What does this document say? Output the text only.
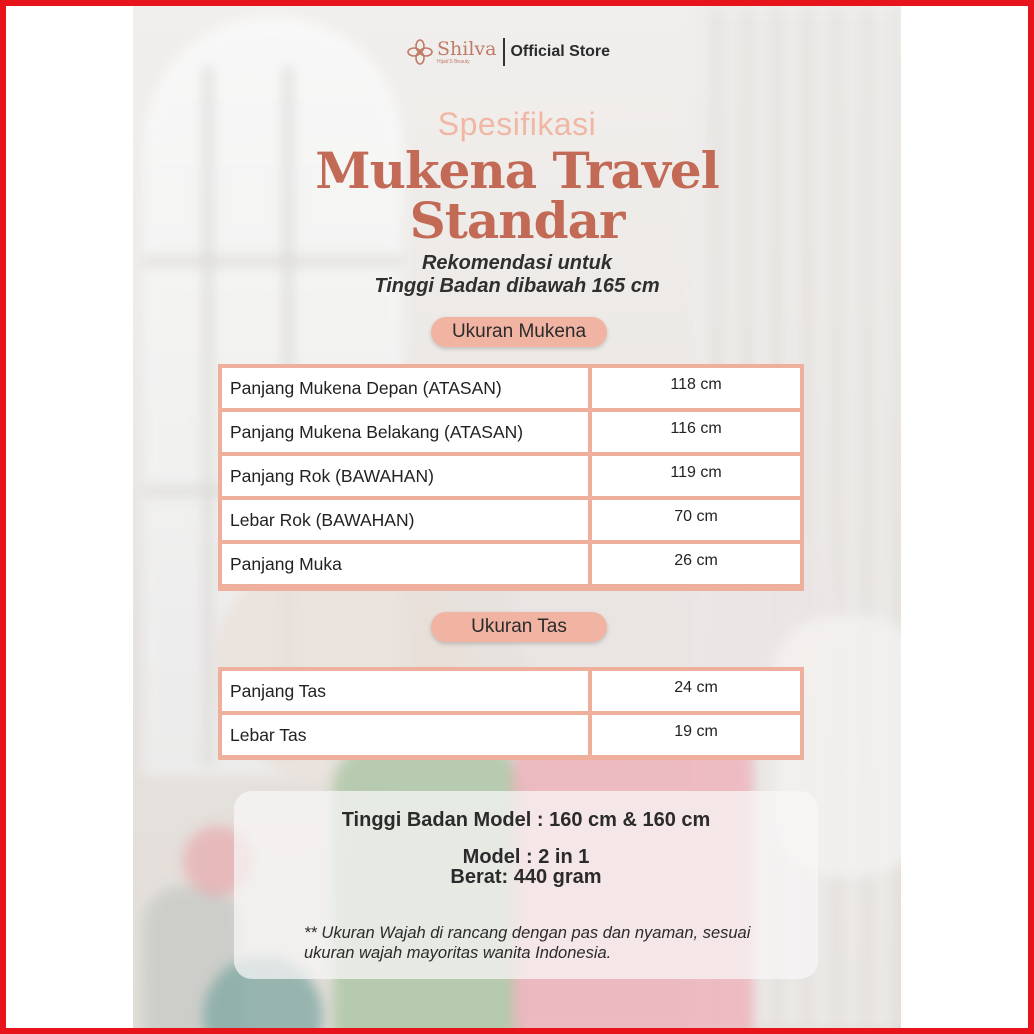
Shilva
Hijab'S Beauty
Official Store
Spesifikasi
Mukena Travel
Standar
Rekomendasi untuk
Tinggi Badan dibawah 165 cm
Ukuran Mukena
Panjang Mukena Depan (ATASAN)	118 cm
Panjang Mukena Belakang (ATASAN)	116 cm
Panjang Rok (BAWAHAN)	119 cm
Lebar Rok (BAWAHAN)	70 cm
Panjang Muka	26 cm
Ukuran Tas
Panjang Tas	24 cm
Lebar Tas	19 cm
Tinggi Badan Model : 160 cm & 160 cm
Model : 2 in 1
Berat: 440 gram
** Ukuran Wajah di rancang dengan pas dan nyaman, sesuai ukuran wajah mayoritas wanita Indonesia.
